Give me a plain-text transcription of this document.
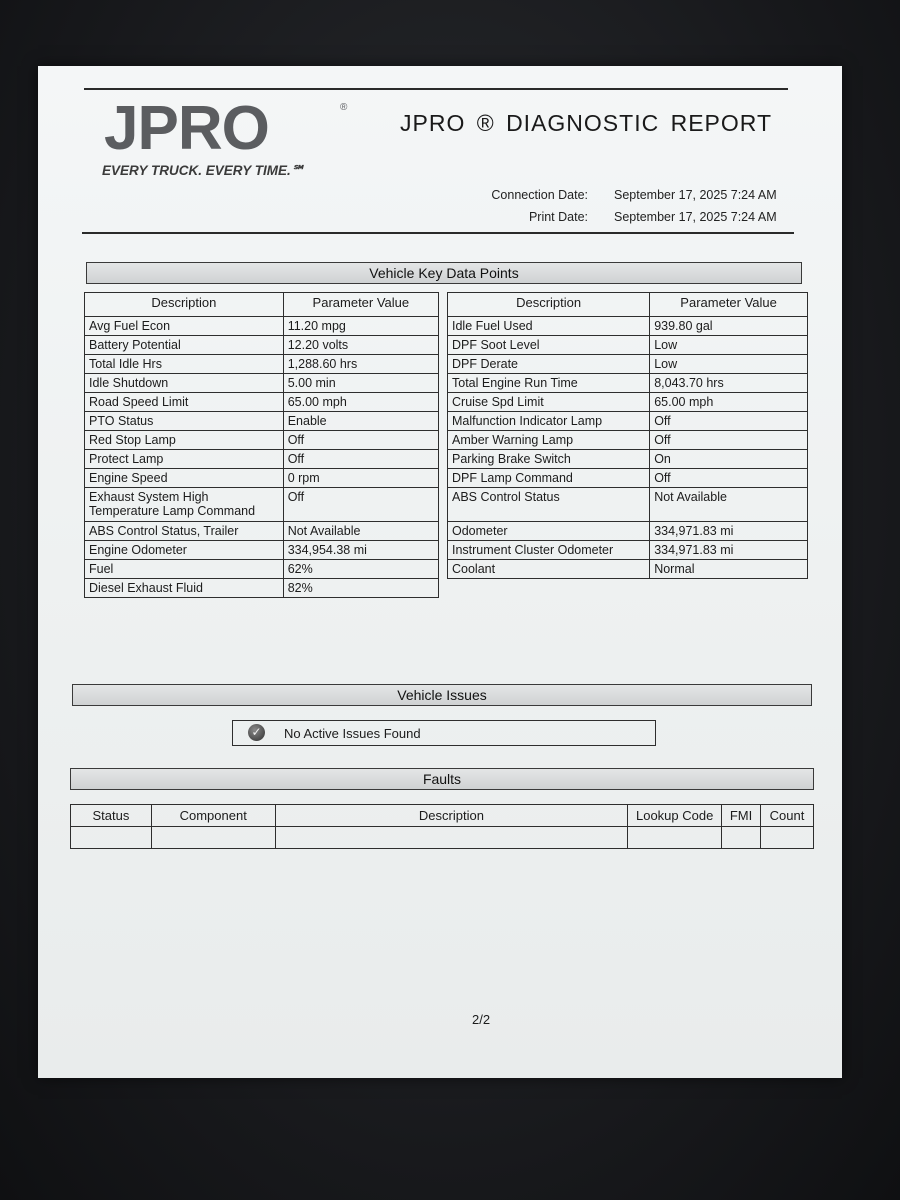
JPRO	®
EVERY TRUCK. EVERY TIME.℠
JPRO ® DIAGNOSTIC REPORT
Connection Date: September 17, 2025 7:24 AM
Print Date: September 17, 2025 7:24 AM
Vehicle Key Data Points
Description	Parameter Value
Avg Fuel Econ	11.20 mpg
Battery Potential	12.20 volts
Total Idle Hrs	1,288.60 hrs
Idle Shutdown	5.00 min
Road Speed Limit	65.00 mph
PTO Status	Enable
Red Stop Lamp	Off
Protect Lamp	Off
Engine Speed	0 rpm
Exhaust System High Temperature Lamp Command	Off
ABS Control Status, Trailer	Not Available
Engine Odometer	334,954.38 mi
Fuel	62%
Diesel Exhaust Fluid	82%
Description	Parameter Value
Idle Fuel Used	939.80 gal
DPF Soot Level	Low
DPF Derate	Low
Total Engine Run Time	8,043.70 hrs
Cruise Spd Limit	65.00 mph
Malfunction Indicator Lamp	Off
Amber Warning Lamp	Off
Parking Brake Switch	On
DPF Lamp Command	Off
ABS Control Status	Not Available
Odometer	334,971.83 mi
Instrument Cluster Odometer	334,971.83 mi
Coolant	Normal
Vehicle Issues
✓ No Active Issues Found
Faults
Status	Component	Description	Lookup Code	FMI	Count

2/2
